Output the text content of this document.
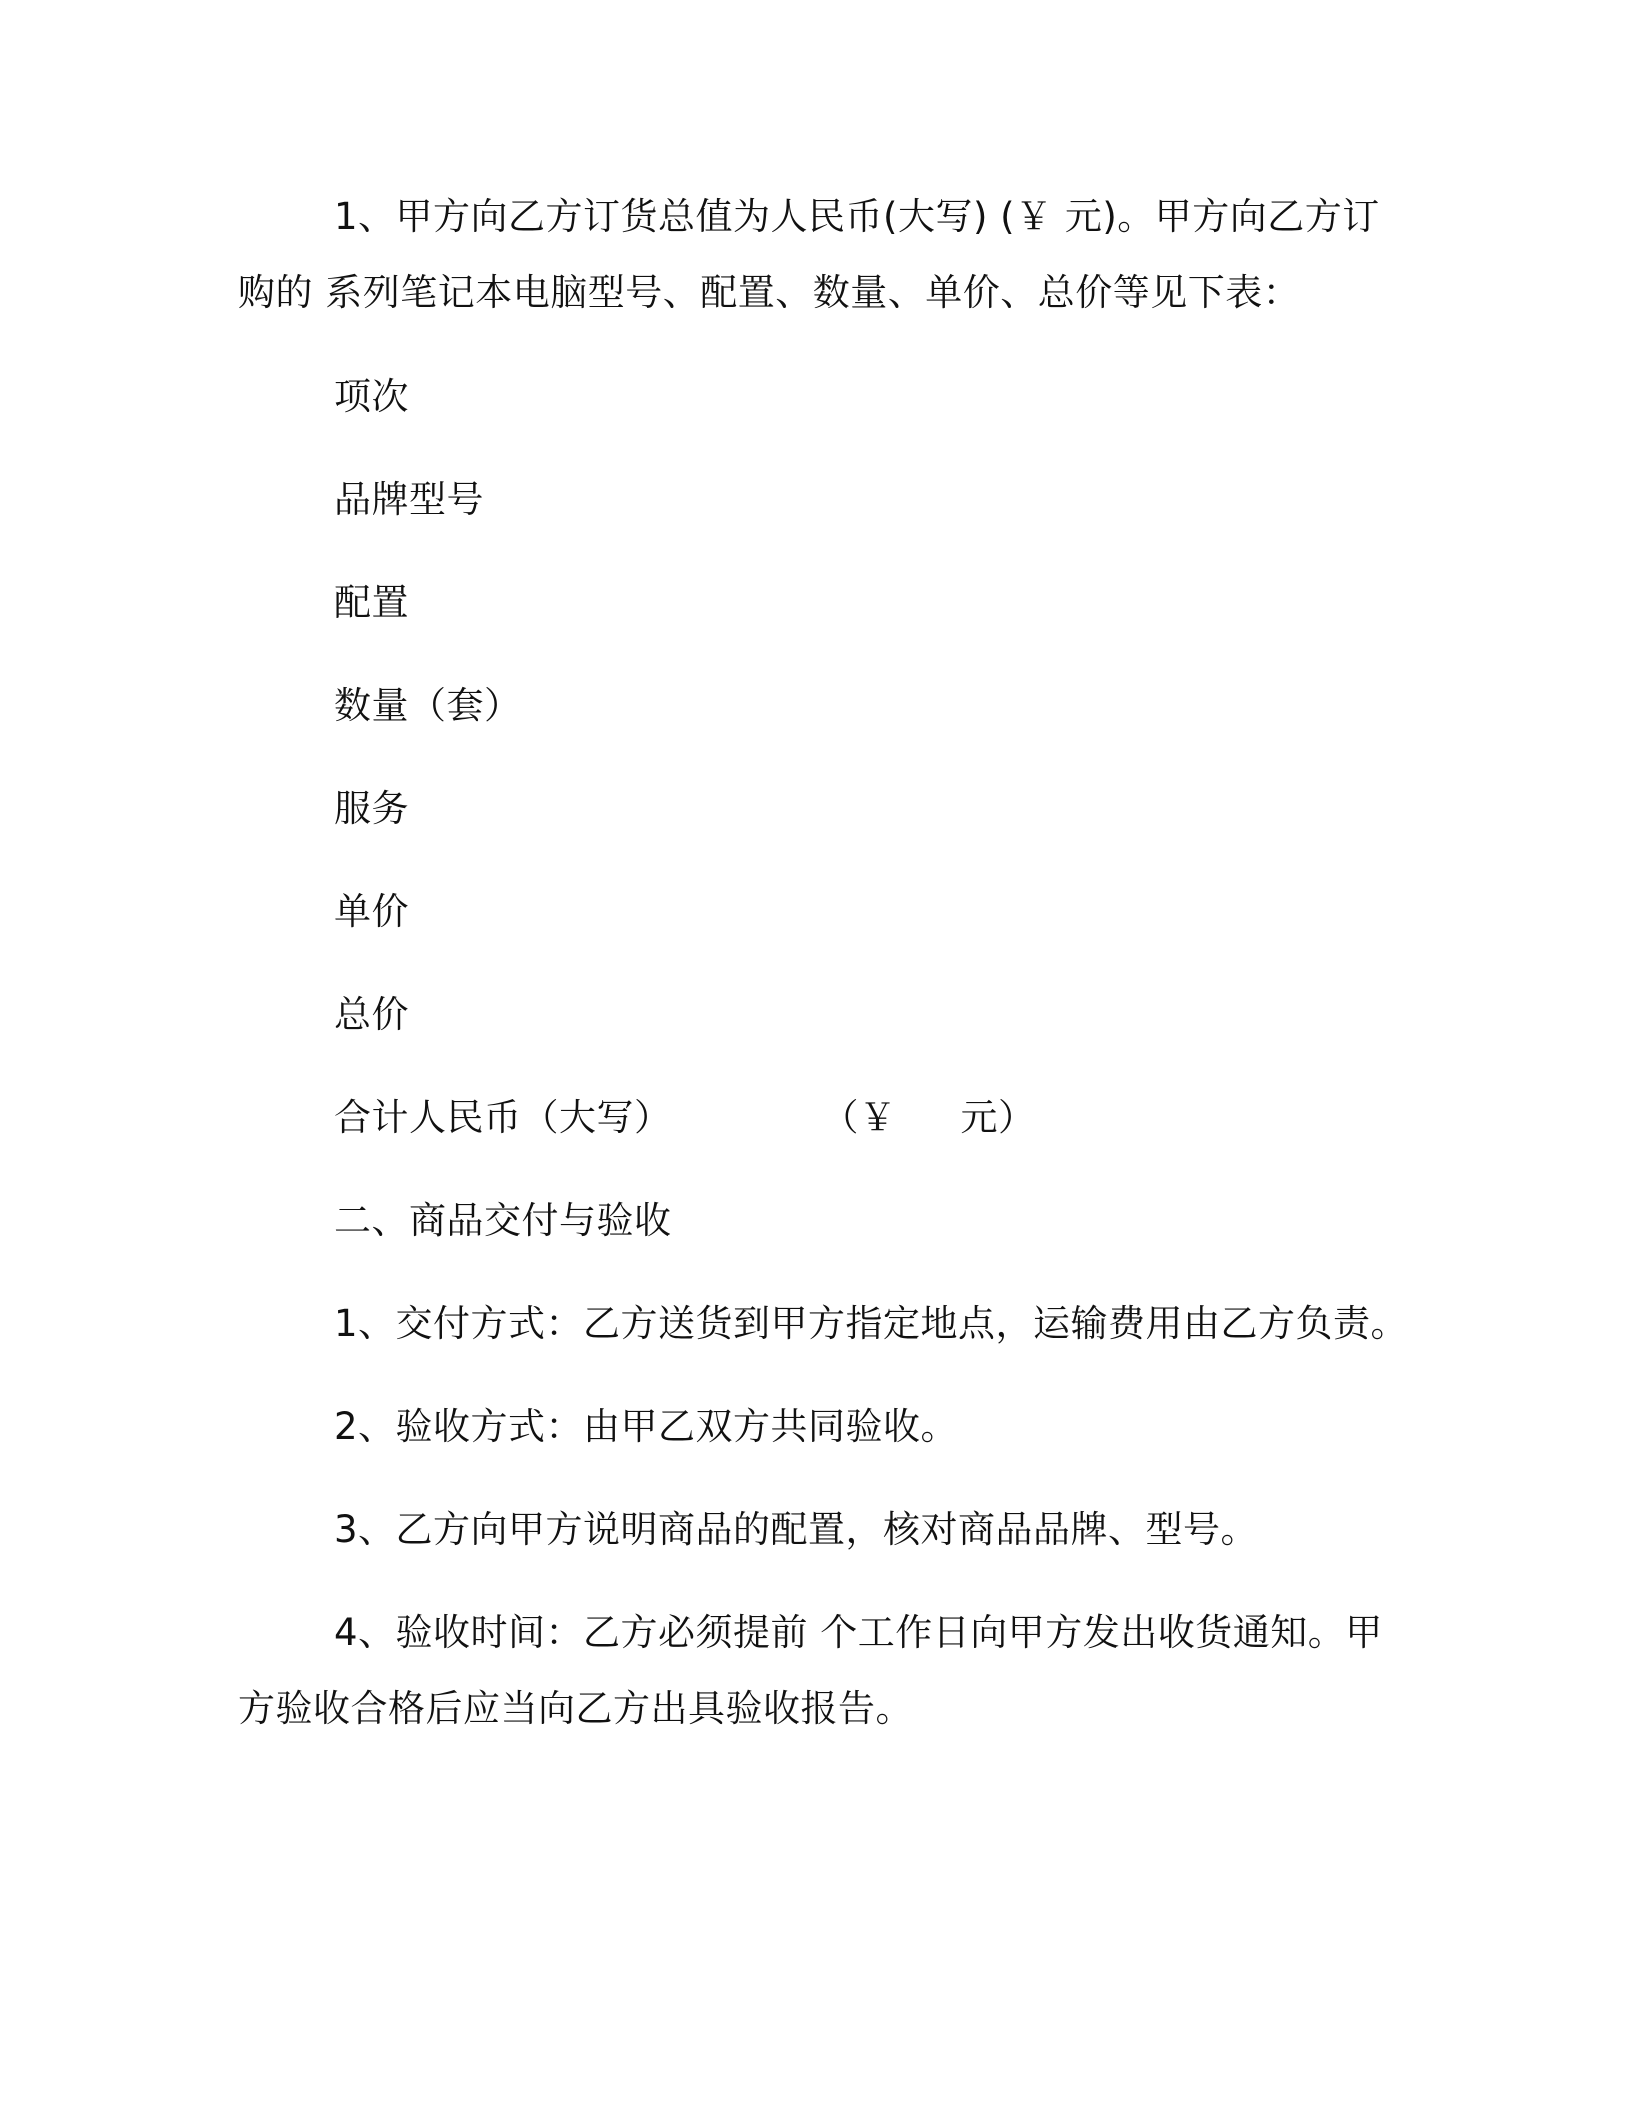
1、甲方向乙方订货总值为人民币(大写) (￥ 元)。甲方向乙方订
购的 系列笔记本电脑型号、配置、数量、单价、总价等见下表：
项次
品牌型号
配置
数量（套）
服务
单价
总价
合计人民币（大写）	（￥ 元）
二、商品交付与验收
1、交付方式：乙方送货到甲方指定地点，运输费用由乙方负责。
2、验收方式：由甲乙双方共同验收。
3、乙方向甲方说明商品的配置，核对商品品牌、型号。
4、验收时间：乙方必须提前 个工作日向甲方发出收货通知。甲
方验收合格后应当向乙方出具验收报告。
